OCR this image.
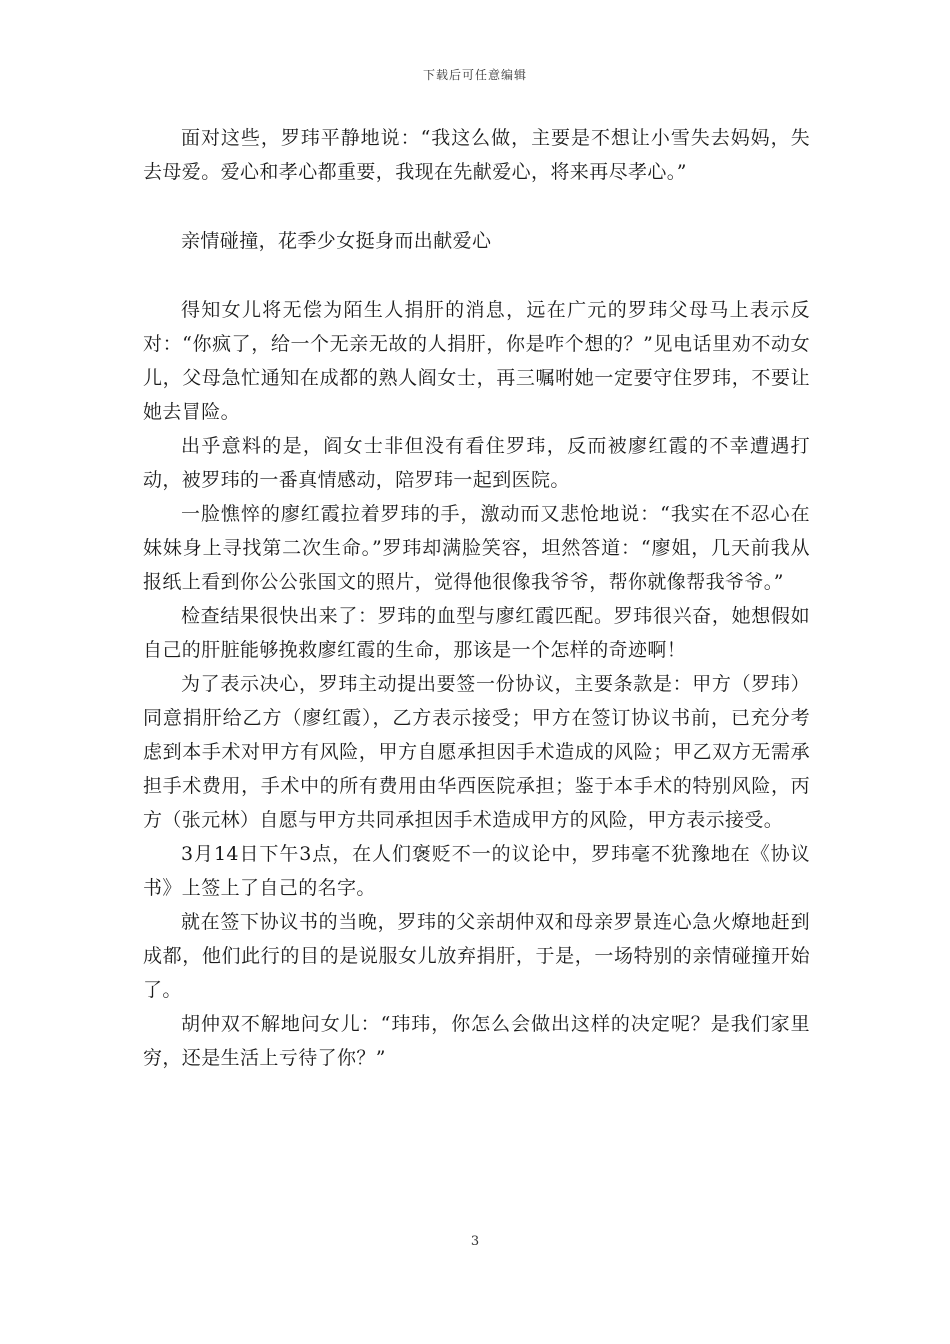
下载后可任意编辑

面对这些，罗玮平静地说：“我这么做，主要是不想让小雪失去妈妈，失去母爱。爱心和孝心都重要，我现在先献爱心，将来再尽孝心。”

亲情碰撞，花季少女挺身而出献爱心

得知女儿将无偿为陌生人捐肝的消息，远在广元的罗玮父母马上表示反对：“你疯了，给一个无亲无故的人捐肝，你是咋个想的？”见电话里劝不动女儿，父母急忙通知在成都的熟人阎女士，再三嘱咐她一定要守住罗玮，不要让她去冒险。

出乎意料的是，阎女士非但没有看住罗玮，反而被廖红霞的不幸遭遇打动，被罗玮的一番真情感动，陪罗玮一起到医院。

一脸憔悴的廖红霞拉着罗玮的手，激动而又悲怆地说：“我实在不忍心在妹妹身上寻找第二次生命。”罗玮却满脸笑容，坦然答道：“廖姐，几天前我从报纸上看到你公公张国文的照片，觉得他很像我爷爷，帮你就像帮我爷爷。”

检查结果很快出来了：罗玮的血型与廖红霞匹配。罗玮很兴奋，她想假如自己的肝脏能够挽救廖红霞的生命，那该是一个怎样的奇迹啊！

为了表示决心，罗玮主动提出要签一份协议，主要条款是：甲方（罗玮）同意捐肝给乙方（廖红霞），乙方表示接受；甲方在签订协议书前，已充分考虑到本手术对甲方有风险，甲方自愿承担因手术造成的风险；甲乙双方无需承担手术费用，手术中的所有费用由华西医院承担；鉴于本手术的特别风险，丙方（张元林）自愿与甲方共同承担因手术造成甲方的风险，甲方表示接受。

3月14日下午3点，在人们褒贬不一的议论中，罗玮毫不犹豫地在《协议书》上签上了自己的名字。

就在签下协议书的当晚，罗玮的父亲胡仲双和母亲罗景连心急火燎地赶到成都，他们此行的目的是说服女儿放弃捐肝，于是，一场特别的亲情碰撞开始了。

胡仲双不解地问女儿：“玮玮，你怎么会做出这样的决定呢？是我们家里穷，还是生活上亏待了你？”

3
